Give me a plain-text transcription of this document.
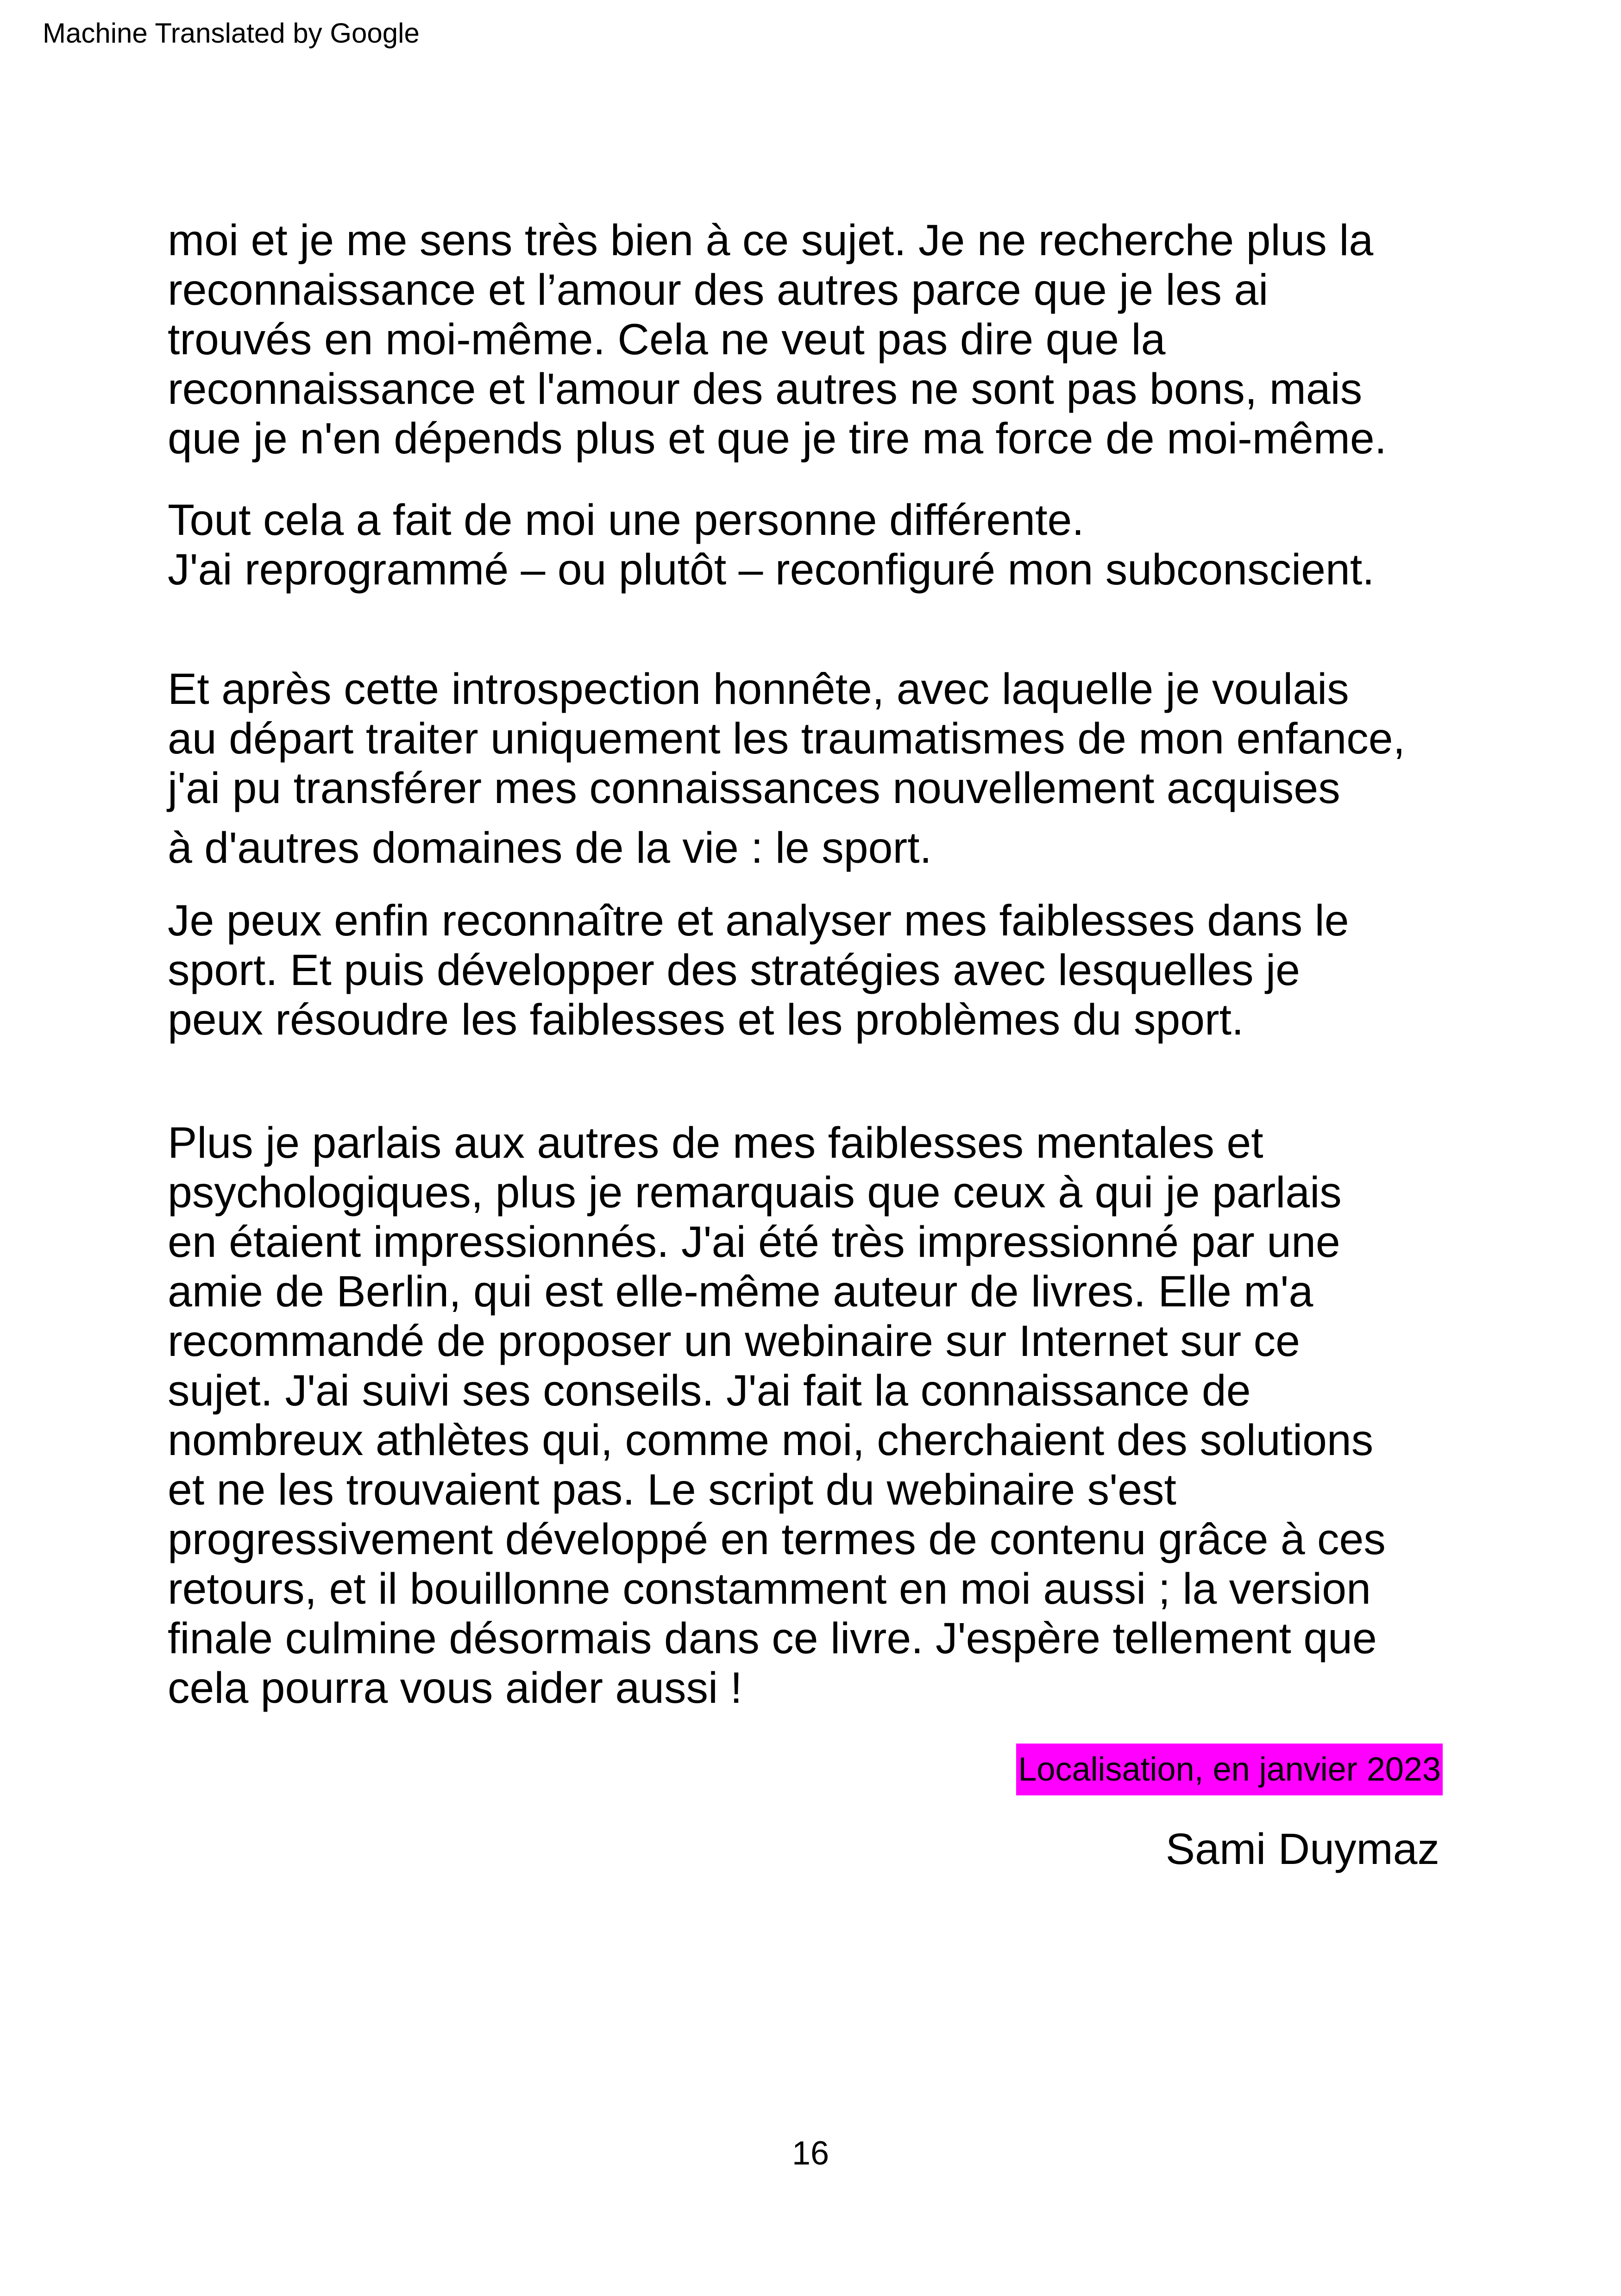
Machine Translated by Google
moi et je me sens très bien à ce sujet. Je ne recherche plus la
reconnaissance et l’amour des autres parce que je les ai
trouvés en moi-même. Cela ne veut pas dire que la
reconnaissance et l'amour des autres ne sont pas bons, mais
que je n'en dépends plus et que je tire ma force de moi-même.
Tout cela a fait de moi une personne différente.
J'ai reprogrammé – ou plutôt – reconfiguré mon subconscient.
Et après cette introspection honnête, avec laquelle je voulais
au départ traiter uniquement les traumatismes de mon enfance,
j'ai pu transférer mes connaissances nouvellement acquises
à d'autres domaines de la vie : le sport.
Je peux enfin reconnaître et analyser mes faiblesses dans le
sport. Et puis développer des stratégies avec lesquelles je
peux résoudre les faiblesses et les problèmes du sport.
Plus je parlais aux autres de mes faiblesses mentales et
psychologiques, plus je remarquais que ceux à qui je parlais
en étaient impressionnés. J'ai été très impressionné par une
amie de Berlin, qui est elle-même auteur de livres. Elle m'a
recommandé de proposer un webinaire sur Internet sur ce
sujet. J'ai suivi ses conseils. J'ai fait la connaissance de
nombreux athlètes qui, comme moi, cherchaient des solutions
et ne les trouvaient pas. Le script du webinaire s'est
progressivement développé en termes de contenu grâce à ces
retours, et il bouillonne constamment en moi aussi ; la version
finale culmine désormais dans ce livre. J'espère tellement que
cela pourra vous aider aussi !
Localisation, en janvier 2023
Sami Duymaz
16
